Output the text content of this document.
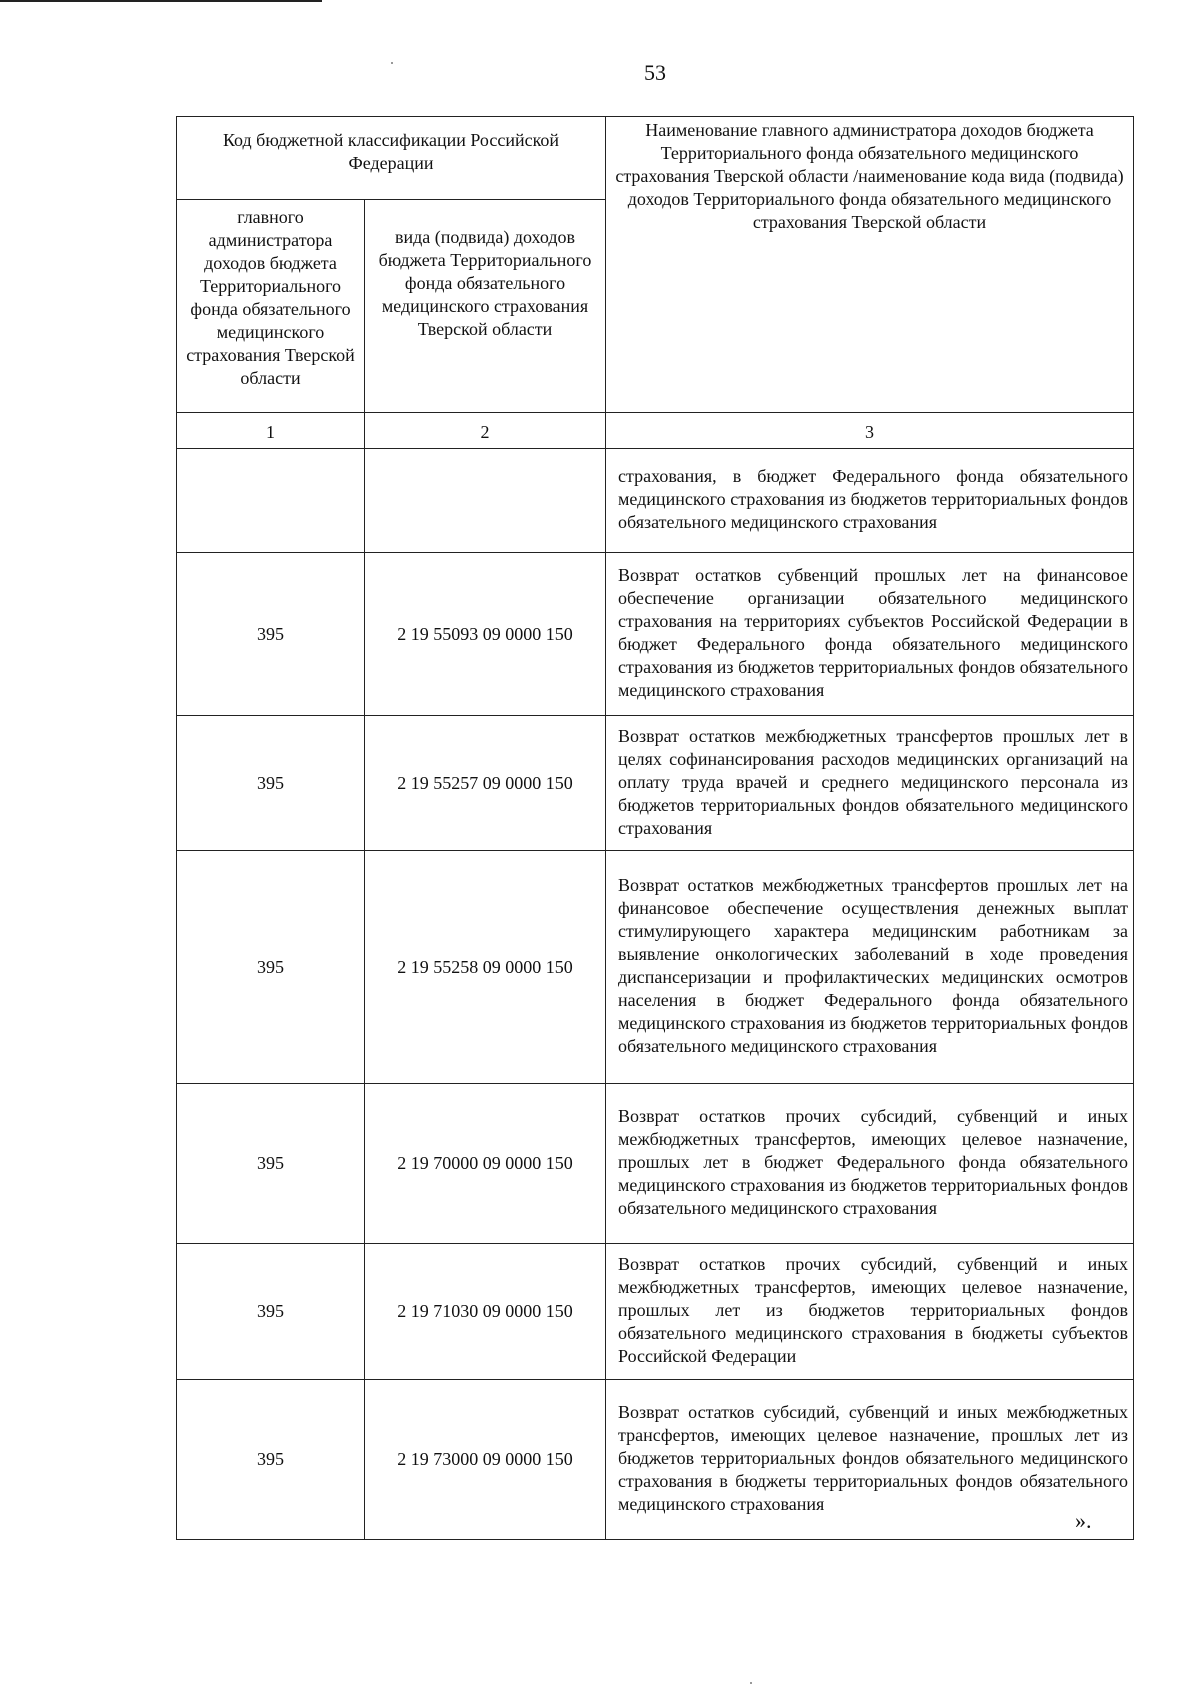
53
Код бюджетной классификации Российской Федерации		Наименование главного администратора доходов бюджета Территориального фонда обязательного медицинского страхования Тверской области /наименование кода вида (подвида) доходов Территориального фонда обязательного медицинского страхования Тверской области
главного администратора доходов бюджета Территориального фонда обязательного медицинского страхования Тверской области	вида (подвида) доходов бюджета Территориального фонда обязательного медицинского страхования Тверской области	
1	2	3
		страхования, в бюджет Федерального фонда обязательного медицинского страхования из бюджетов территориальных фондов обязательного медицинского страхования
395	2 19 55093 09 0000 150	Возврат остатков субвенций прошлых лет на финансовое обеспечение организации обязательного медицинского страхования на территориях субъектов Российской Федерации в бюджет Федерального фонда обязательного медицинского страхования из бюджетов территориальных фондов обязательного медицинского страхования
395	2 19 55257 09 0000 150	Возврат остатков межбюджетных трансфертов прошлых лет в целях софинансирования расходов медицинских организаций на оплату труда врачей и среднего медицинского персонала из бюджетов территориальных фондов обязательного медицинского страхования
395	2 19 55258 09 0000 150	Возврат остатков межбюджетных трансфертов прошлых лет на финансовое обеспечение осуществления денежных выплат стимулирующего характера медицинским работникам за выявление онкологических заболеваний в ходе проведения диспансеризации и профилактических медицинских осмотров населения в бюджет Федерального фонда обязательного медицинского страхования из бюджетов территориальных фондов обязательного медицинского страхования
395	2 19 70000 09 0000 150	Возврат остатков прочих субсидий, субвенций и иных межбюджетных трансфертов, имеющих целевое назначение, прошлых лет в бюджет Федерального фонда обязательного медицинского страхования из бюджетов территориальных фондов обязательного медицинского страхования
395	2 19 71030 09 0000 150	Возврат остатков прочих субсидий, субвенций и иных межбюджетных трансфертов, имеющих целевое назначение, прошлых лет из бюджетов территориальных фондов обязательного медицинского страхования в бюджеты субъектов Российской Федерации
395	2 19 73000 09 0000 150	Возврат остатков субсидий, субвенций и иных межбюджетных трансфертов, имеющих целевое назначение, прошлых лет из бюджетов территориальных фондов обязательного медицинского страхования в бюджеты территориальных фондов обязательного медицинского страхования
».
